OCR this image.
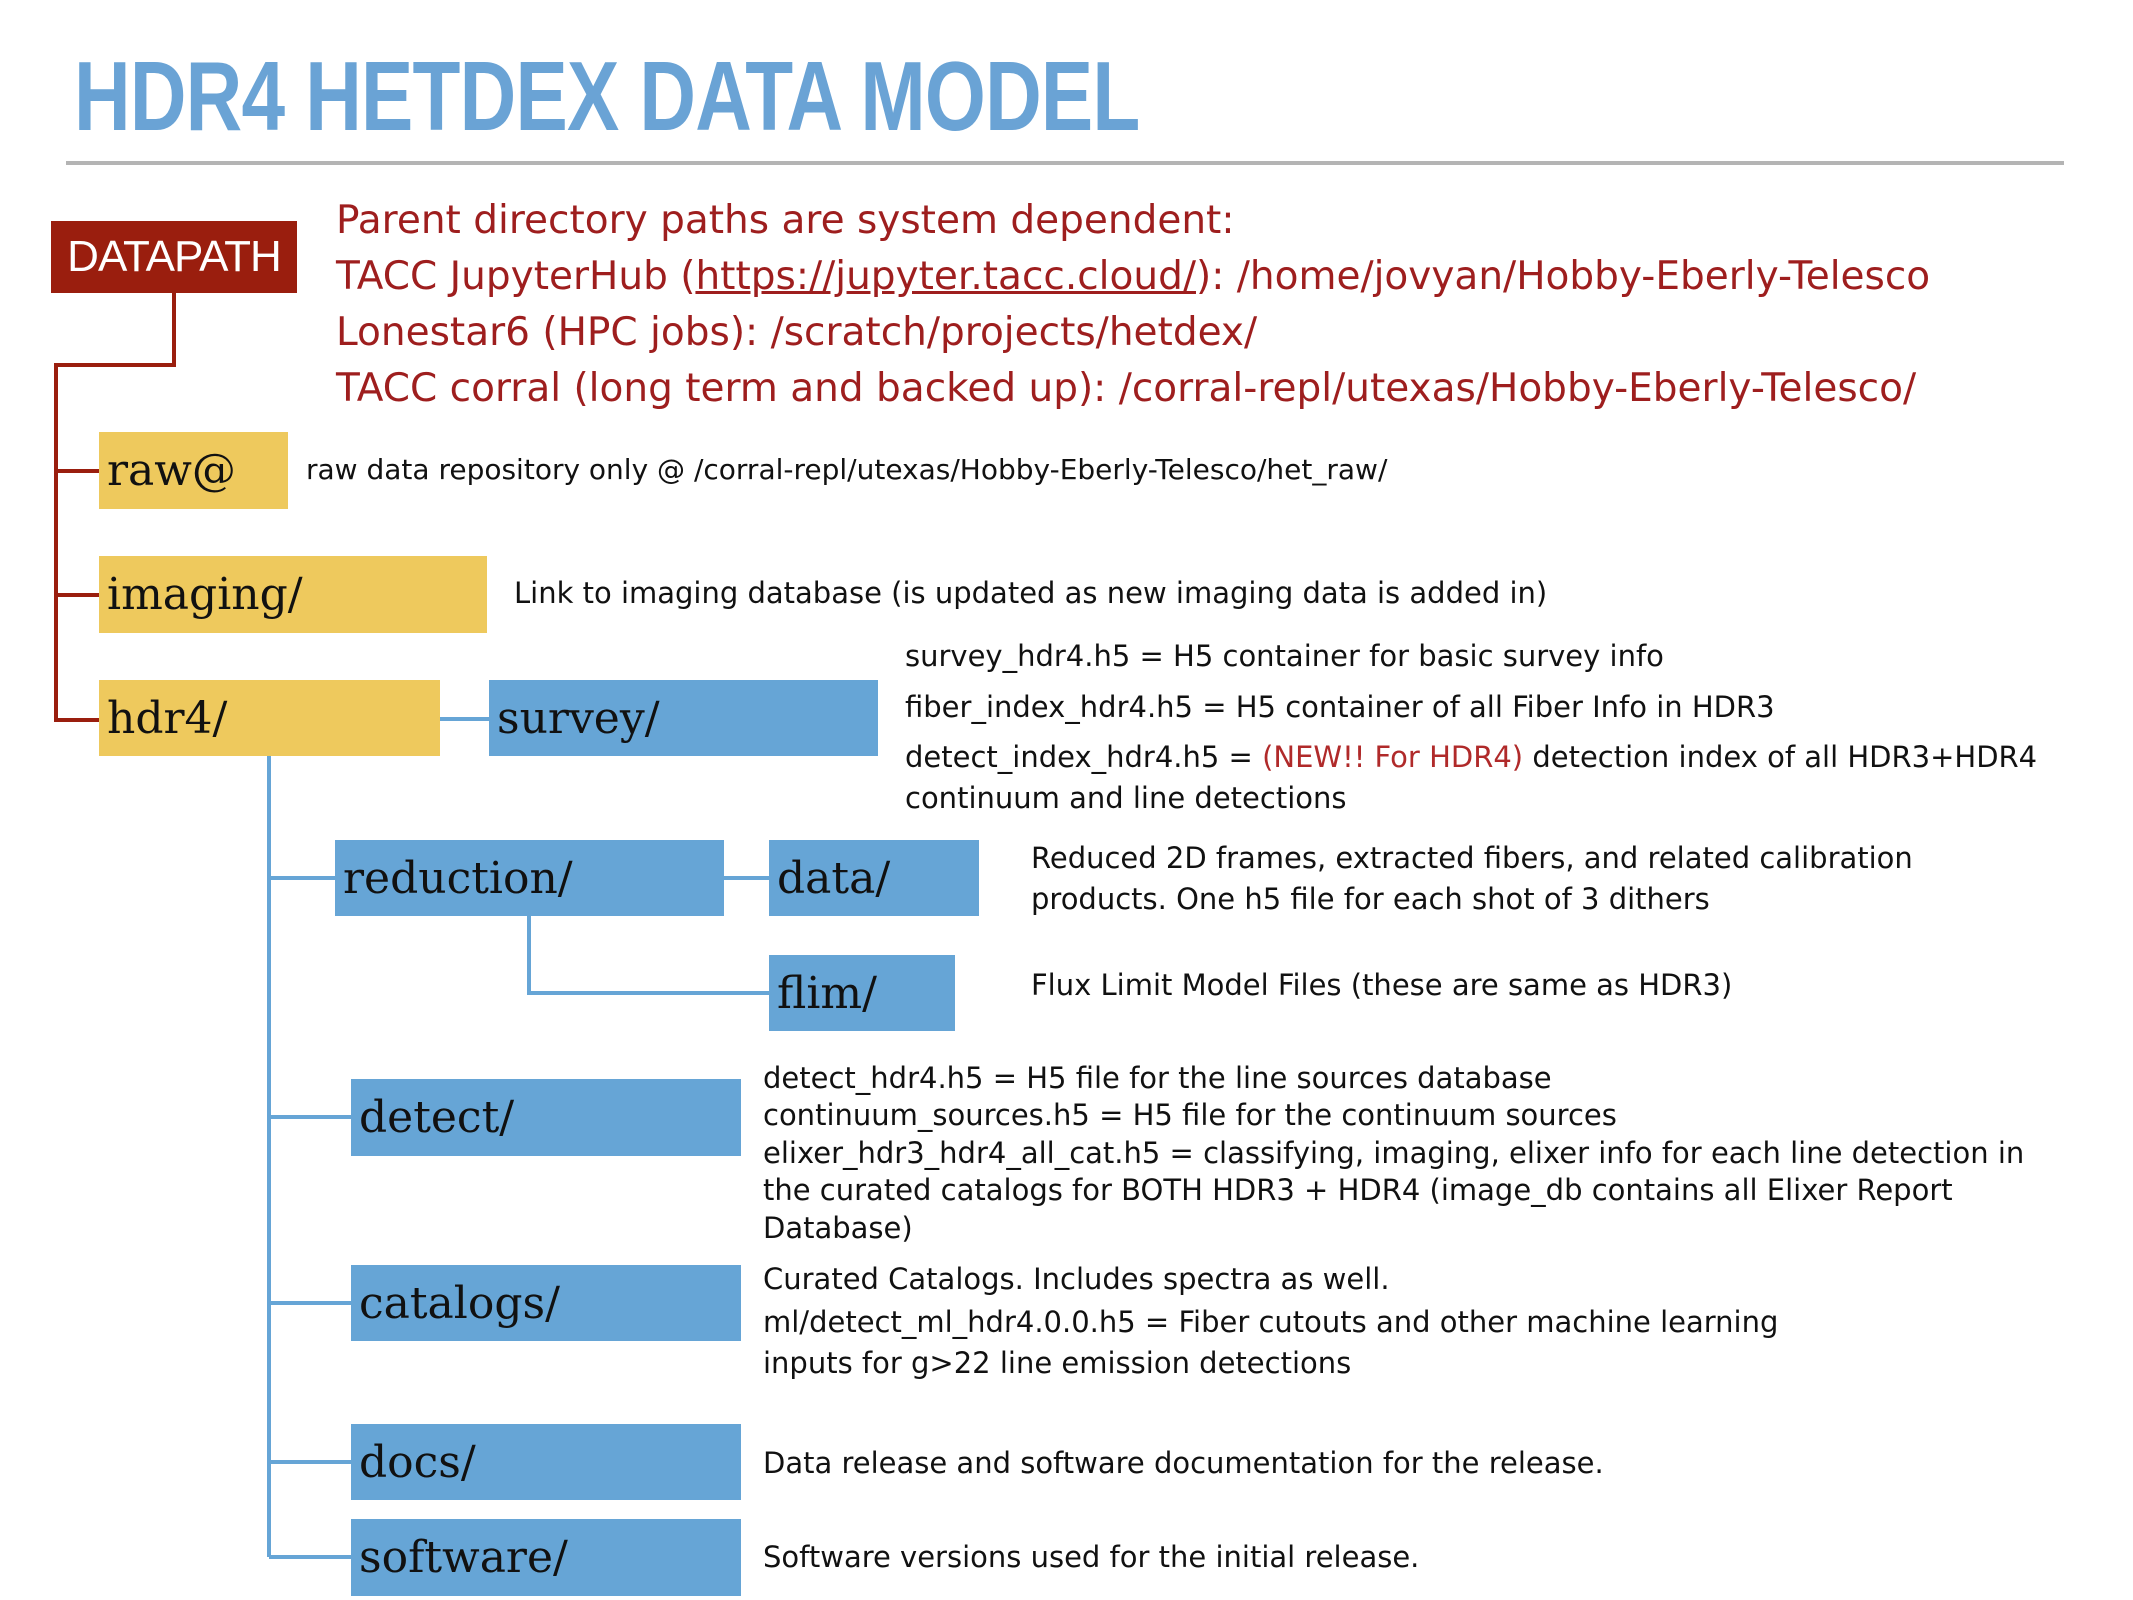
HDR4 HETDEX DATA MODEL
DATAPATH
Parent directory paths are system dependent:
TACC JupyterHub (https://jupyter.tacc.cloud/): /home/jovyan/Hobby-Eberly-Telesco
Lonestar6 (HPC jobs): /scratch/projects/hetdex/
TACC corral (long term and backed up): /corral-repl/utexas/Hobby-Eberly-Telesco/
raw@
imaging/
hdr4/	survey/
reduction/	data/
flim/
detect/
catalogs/
docs/
software/
raw data repository only @ /corral-repl/utexas/Hobby-Eberly-Telesco/het_raw/
Link to imaging database (is updated as new imaging data is added in)
survey_hdr4.h5 = H5 container for basic survey info
fiber_index_hdr4.h5 = H5 container of all Fiber Info in HDR3
detect_index_hdr4.h5 = (NEW!! For HDR4) detection index of all HDR3+HDR4
continuum and line detections
Reduced 2D frames, extracted fibers, and related calibration
products. One h5 file for each shot of 3 dithers
Flux Limit Model Files (these are same as HDR3)
detect_hdr4.h5 = H5 file for the line sources database
continuum_sources.h5 = H5 file for the continuum sources
elixer_hdr3_hdr4_all_cat.h5 = classifying, imaging, elixer info for each line detection in
the curated catalogs for BOTH HDR3 + HDR4 (image_db contains all Elixer Report
Database)
Curated Catalogs. Includes spectra as well.
ml/detect_ml_hdr4.0.0.h5 = Fiber cutouts and other machine learning
inputs for g>22 line emission detections
Data release and software documentation for the release.
Software versions used for the initial release.
